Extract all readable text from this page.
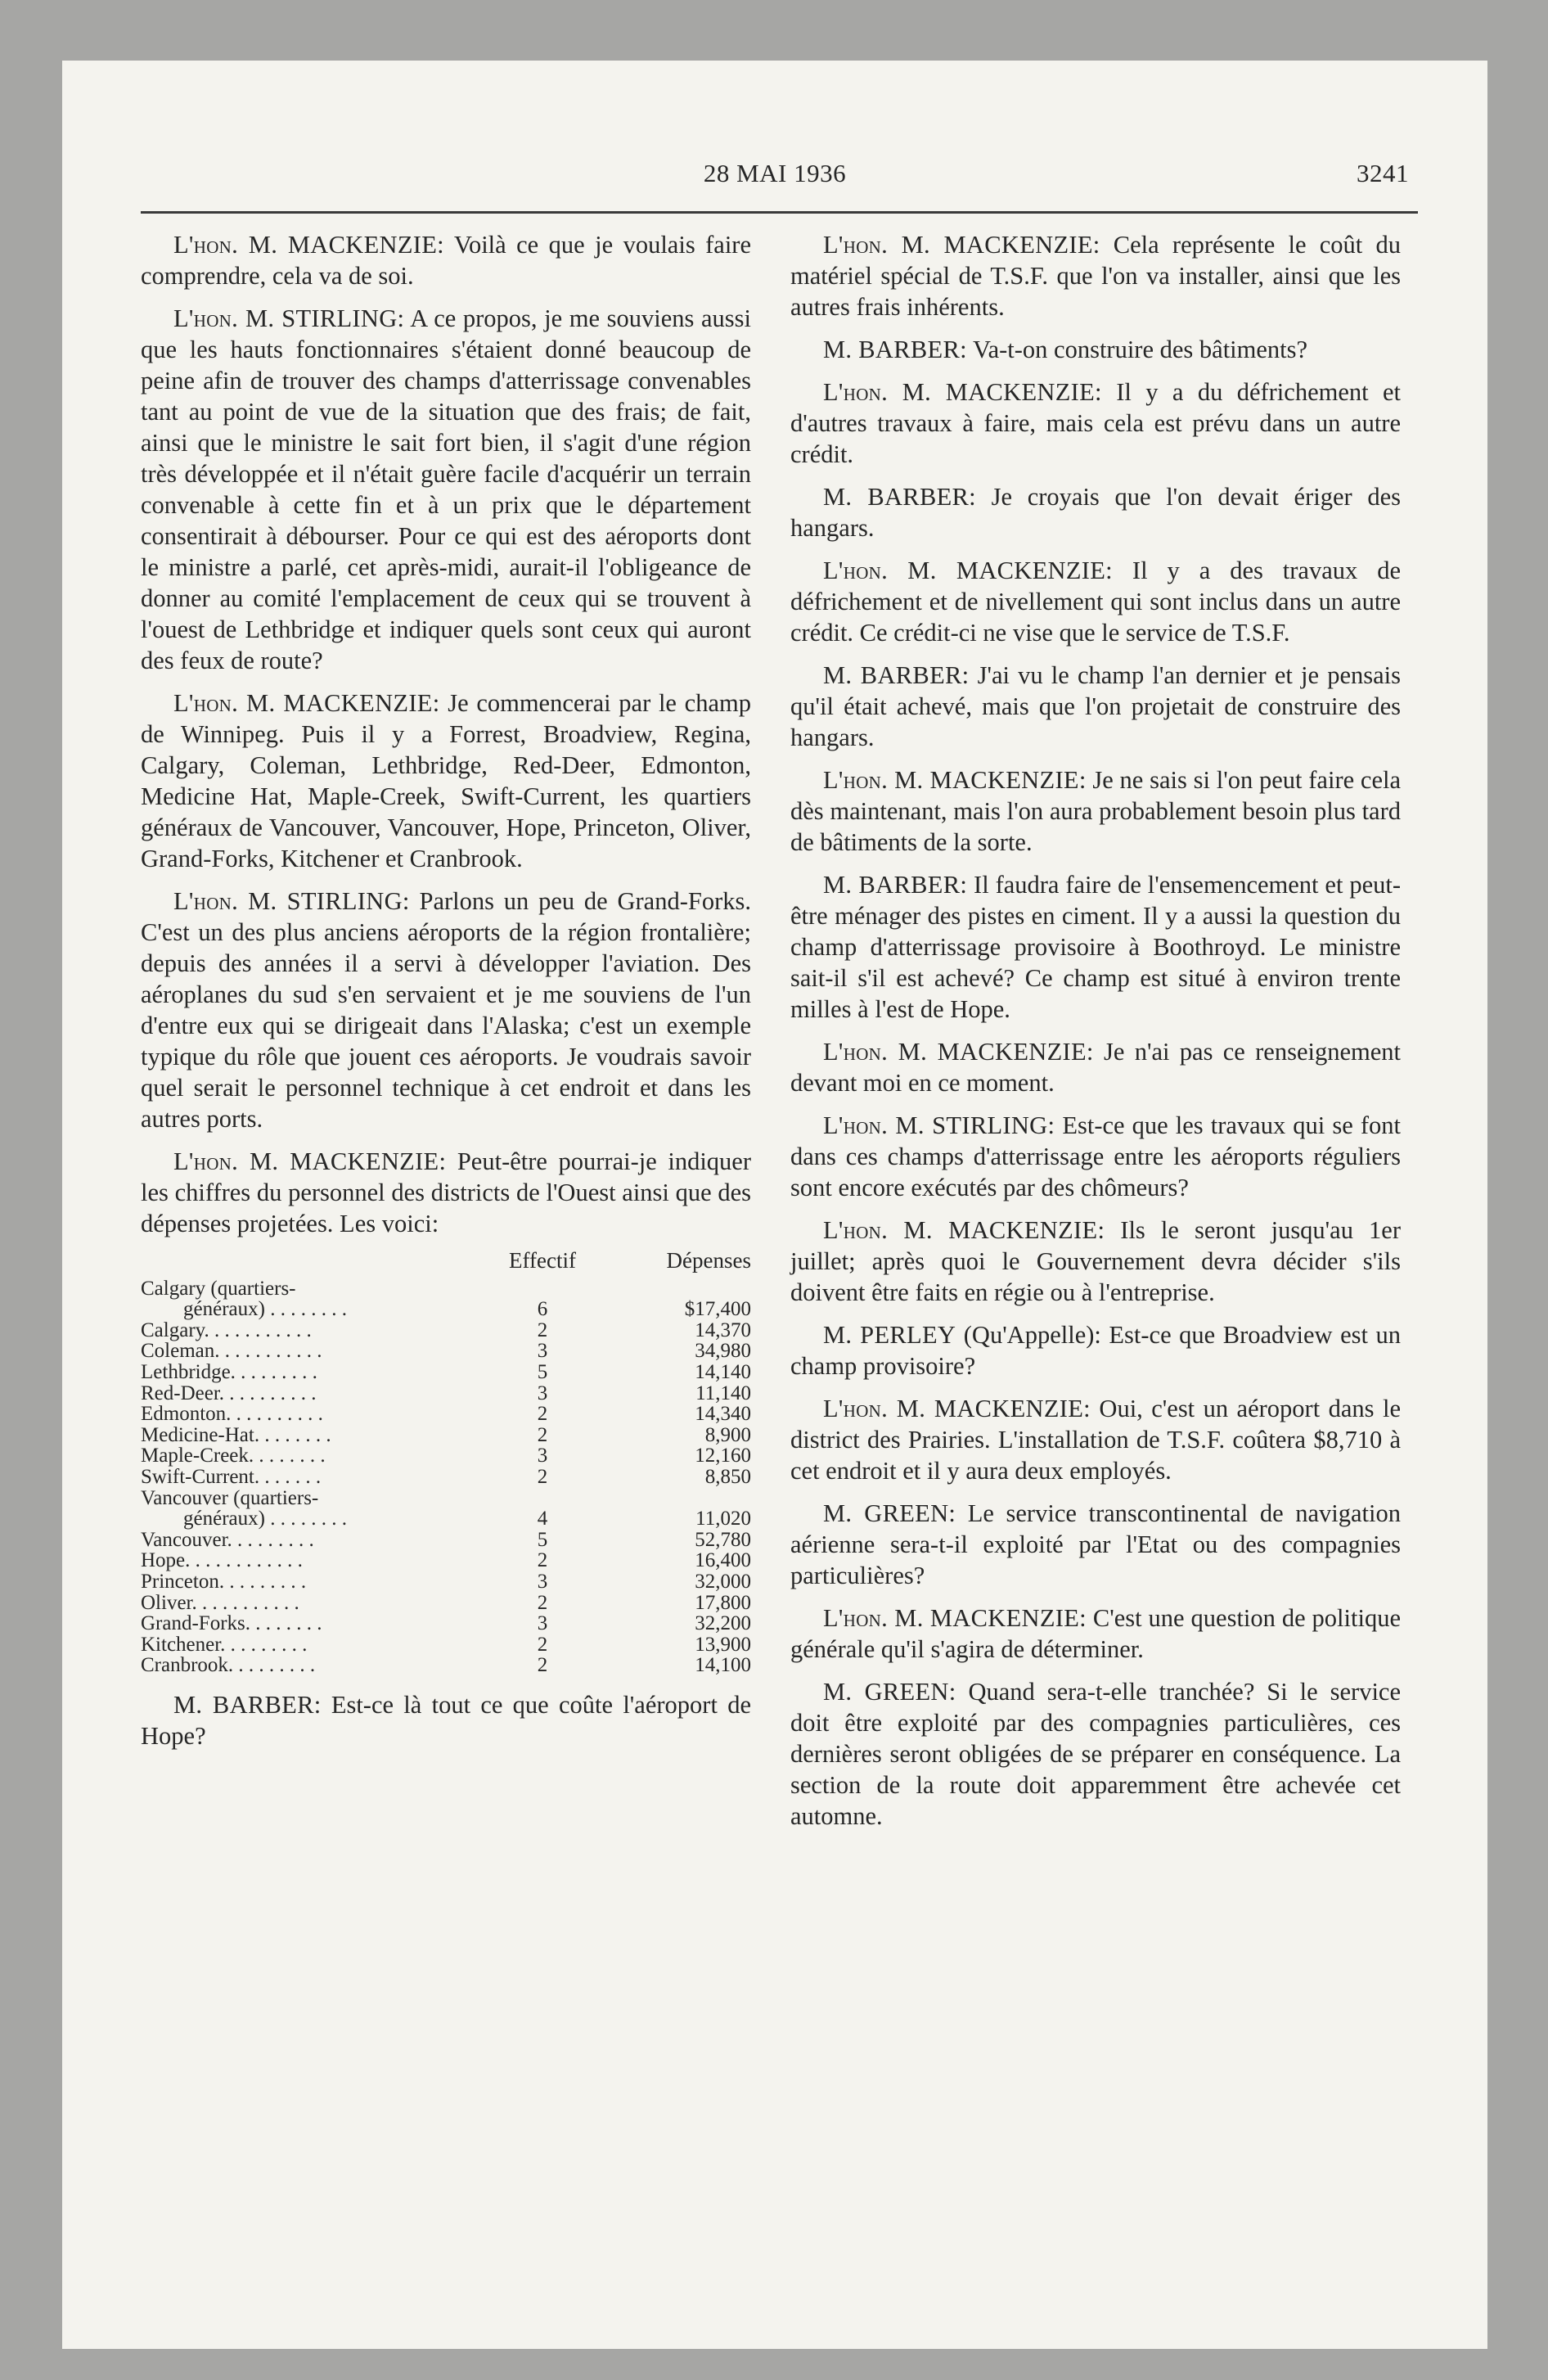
28 MAI 1936	3241

L'hon. M. MACKENZIE: Voilà ce que je voulais faire comprendre, cela va de soi.

L'hon. M. STIRLING: A ce propos, je me souviens aussi que les hauts fonctionnaires s'étaient donné beaucoup de peine afin de trouver des champs d'atterrissage convenables tant au point de vue de la situation que des frais; de fait, ainsi que le ministre le sait fort bien, il s'agit d'une région très développée et il n'était guère facile d'acquérir un terrain convenable à cette fin et à un prix que le département consentirait à débourser. Pour ce qui est des aéroports dont le ministre a parlé, cet après-midi, aurait-il l'obligeance de donner au comité l'emplacement de ceux qui se trouvent à l'ouest de Lethbridge et indiquer quels sont ceux qui auront des feux de route?

L'hon. M. MACKENZIE: Je commencerai par le champ de Winnipeg. Puis il y a Forrest, Broadview, Regina, Calgary, Coleman, Lethbridge, Red-Deer, Edmonton, Medicine Hat, Maple-Creek, Swift-Current, les quartiers généraux de Vancouver, Vancouver, Hope, Princeton, Oliver, Grand-Forks, Kitchener et Cranbrook.

L'hon. M. STIRLING: Parlons un peu de Grand-Forks. C'est un des plus anciens aéroports de la région frontalière; depuis des années il a servi à développer l'aviation. Des aéroplanes du sud s'en servaient et je me souviens de l'un d'entre eux qui se dirigeait dans l'Alaska; c'est un exemple typique du rôle que jouent ces aéroports. Je voudrais savoir quel serait le personnel technique à cet endroit et dans les autres ports.

L'hon. M. MACKENZIE: Peut-être pourrai-je indiquer les chiffres du personnel des districts de l'Ouest ainsi que des dépenses projetées. Les voici:

	Effectif	Dépenses
Calgary (quartiers-		
généraux) . . . . . . . .	6	$17,400
Calgary. . . . . . . . . . .	2	14,370
Coleman. . . . . . . . . . .	3	34,980
Lethbridge. . . . . . . . .	5	14,140
Red-Deer. . . . . . . . . .	3	11,140
Edmonton. . . . . . . . . .	2	14,340
Medicine-Hat. . . . . . . .	2	8,900
Maple-Creek. . . . . . . .	3	12,160
Swift-Current. . . . . . .	2	8,850
Vancouver (quartiers-		
généraux) . . . . . . . .	4	11,020
Vancouver. . . . . . . . .	5	52,780
Hope. . . . . . . . . . . .	2	16,400
Princeton. . . . . . . . .	3	32,000
Oliver. . . . . . . . . . .	2	17,800
Grand-Forks. . . . . . . .	3	32,200
Kitchener. . . . . . . . .	2	13,900
Cranbrook. . . . . . . . .	2	14,100

M. BARBER: Est-ce là tout ce que coûte l'aéroport de Hope?

L'hon. M. MACKENZIE: Cela représente le coût du matériel spécial de T.S.F. que l'on va installer, ainsi que les autres frais inhérents.

M. BARBER: Va-t-on construire des bâtiments?

L'hon. M. MACKENZIE: Il y a du défrichement et d'autres travaux à faire, mais cela est prévu dans un autre crédit.

M. BARBER: Je croyais que l'on devait ériger des hangars.

L'hon. M. MACKENZIE: Il y a des travaux de défrichement et de nivellement qui sont inclus dans un autre crédit. Ce crédit-ci ne vise que le service de T.S.F.

M. BARBER: J'ai vu le champ l'an dernier et je pensais qu'il était achevé, mais que l'on projetait de construire des hangars.

L'hon. M. MACKENZIE: Je ne sais si l'on peut faire cela dès maintenant, mais l'on aura probablement besoin plus tard de bâtiments de la sorte.

M. BARBER: Il faudra faire de l'ensemencement et peut-être ménager des pistes en ciment. Il y a aussi la question du champ d'atterrissage provisoire à Boothroyd. Le ministre sait-il s'il est achevé? Ce champ est situé à environ trente milles à l'est de Hope.

L'hon. M. MACKENZIE: Je n'ai pas ce renseignement devant moi en ce moment.

L'hon. M. STIRLING: Est-ce que les travaux qui se font dans ces champs d'atterrissage entre les aéroports réguliers sont encore exécutés par des chômeurs?

L'hon. M. MACKENZIE: Ils le seront jusqu'au 1er juillet; après quoi le Gouvernement devra décider s'ils doivent être faits en régie ou à l'entreprise.

M. PERLEY (Qu'Appelle): Est-ce que Broadview est un champ provisoire?

L'hon. M. MACKENZIE: Oui, c'est un aéroport dans le district des Prairies. L'installation de T.S.F. coûtera $8,710 à cet endroit et il y aura deux employés.

M. GREEN: Le service transcontinental de navigation aérienne sera-t-il exploité par l'Etat ou des compagnies particulières?

L'hon. M. MACKENZIE: C'est une question de politique générale qu'il s'agira de déterminer.

M. GREEN: Quand sera-t-elle tranchée? Si le service doit être exploité par des compagnies particulières, ces dernières seront obligées de se préparer en conséquence. La section de la route doit apparemment être achevée cet automne.
